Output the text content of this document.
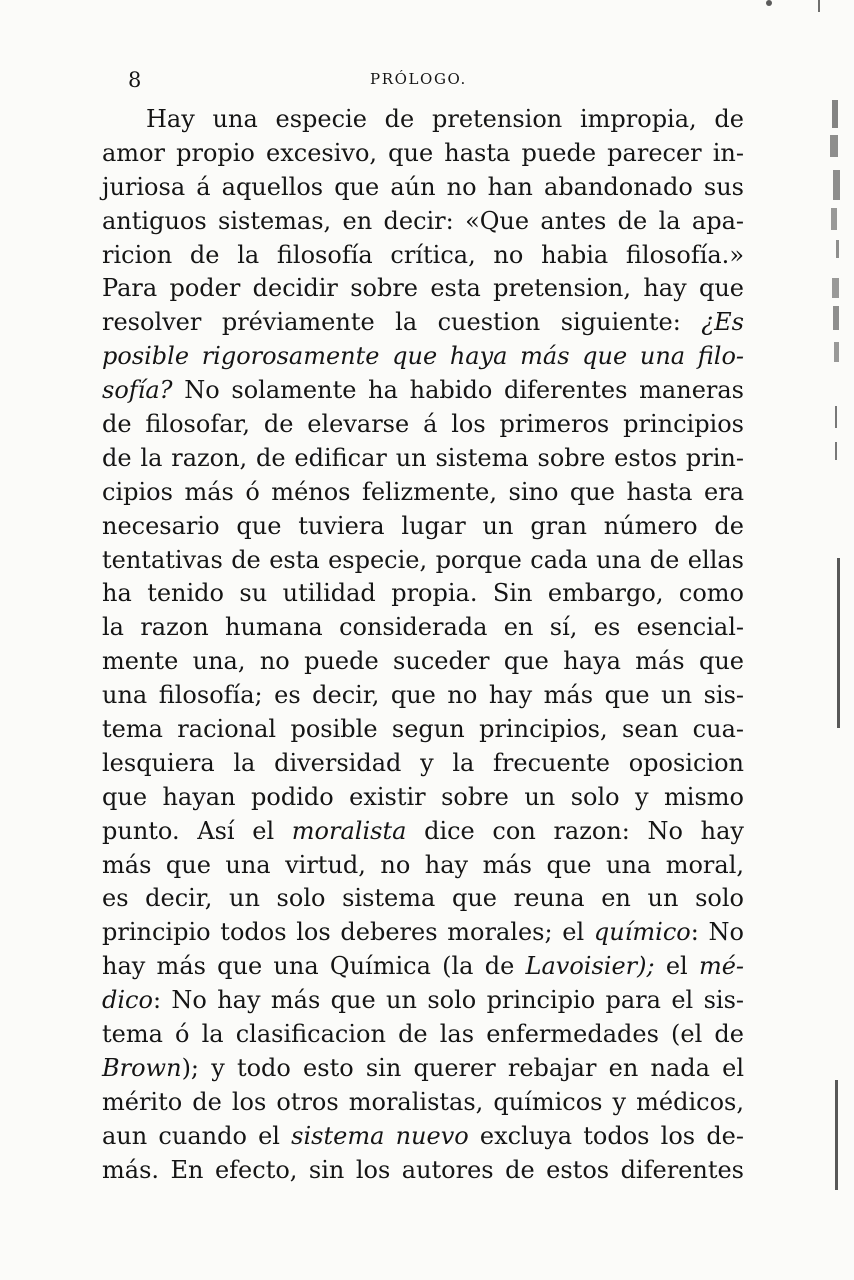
8	PRÓLOGO.
Hay una especie de pretension impropia, de
amor propio excesivo, que hasta puede parecer in-
juriosa á aquellos que aún no han abandonado sus
antiguos sistemas, en decir: «Que antes de la apa-
ricion de la filosofía crítica, no habia filosofía.»
Para poder decidir sobre esta pretension, hay que
resolver préviamente la cuestion siguiente: ¿Es
posible rigorosamente que haya más que una filo-
sofía? No solamente ha habido diferentes maneras
de filosofar, de elevarse á los primeros principios
de la razon, de edificar un sistema sobre estos prin-
cipios más ó ménos felizmente, sino que hasta era
necesario que tuviera lugar un gran número de
tentativas de esta especie, porque cada una de ellas
ha tenido su utilidad propia. Sin embargo, como
la razon humana considerada en sí, es esencial-
mente una, no puede suceder que haya más que
una filosofía; es decir, que no hay más que un sis-
tema racional posible segun principios, sean cua-
lesquiera la diversidad y la frecuente oposicion
que hayan podido existir sobre un solo y mismo
punto. Así el moralista dice con razon: No hay
más que una virtud, no hay más que una moral,
es decir, un solo sistema que reuna en un solo
principio todos los deberes morales; el químico: No
hay más que una Química (la de Lavoisier); el mé-
dico: No hay más que un solo principio para el sis-
tema ó la clasificacion de las enfermedades (el de
Brown); y todo esto sin querer rebajar en nada el
mérito de los otros moralistas, químicos y médicos,
aun cuando el sistema nuevo excluya todos los de-
más. En efecto, sin los autores de estos diferentes
